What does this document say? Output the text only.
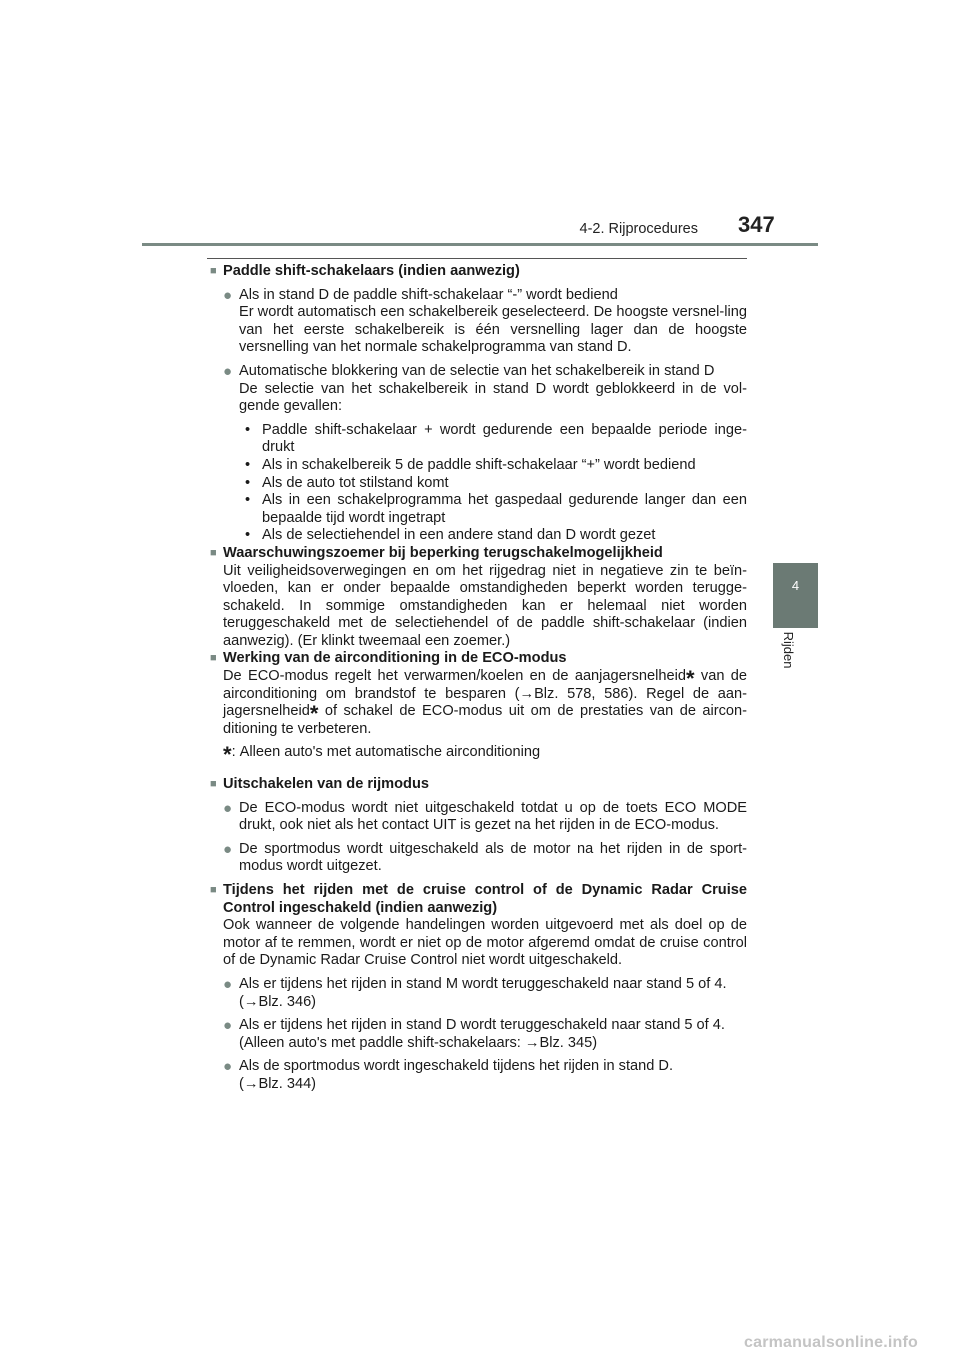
4-2. Rijprocedures 347
4
Rijden
■ Paddle shift-schakelaars (indien aanwezig)
● Als in stand D de paddle shift-schakelaar “-” wordt bediend

Er wordt automatisch een schakelbereik geselecteerd. De hoogste versnel-ling van het eerste schakelbereik is één versnelling lager dan de hoogste versnelling van het normale schakelprogramma van stand D.

● Automatische blokkering van de selectie van het schakelbereik in stand D

De selectie van het schakelbereik in stand D wordt geblokkeerd in de vol-gende gevallen:

• Paddle shift-schakelaar + wordt gedurende een bepaalde periode inge-drukt

• Als in schakelbereik 5 de paddle shift-schakelaar “+” wordt bediend

• Als de auto tot stilstand komt

• Als in een schakelprogramma het gaspedaal gedurende langer dan een bepaalde tijd wordt ingetrapt

• Als de selectiehendel in een andere stand dan D wordt gezet

■ Waarschuwingszoemer bij beperking terugschakelmogelijkheid

Uit veiligheidsoverwegingen en om het rijgedrag niet in negatieve zin te beïn-vloeden, kan er onder bepaalde omstandigheden beperkt worden terugge-schakeld. In sommige omstandigheden kan er helemaal niet worden teruggeschakeld met de selectiehendel of de paddle shift-schakelaar (indien aanwezig). (Er klinkt tweemaal een zoemer.)

■ Werking van de airconditioning in de ECO-modus

De ECO-modus regelt het verwarmen/koelen en de aanjagersnelheid* van de airconditioning om brandstof te besparen (→Blz. 578, 586). Regel de aan-jagersnelheid* of schakel de ECO-modus uit om de prestaties van de aircon-ditioning te verbeteren.

*: Alleen auto's met automatische airconditioning
■ Uitschakelen van de rijmodus
● De ECO-modus wordt niet uitgeschakeld totdat u op de toets ECO MODE drukt, ook niet als het contact UIT is gezet na het rijden in de ECO-modus.

● De sportmodus wordt uitgeschakeld als de motor na het rijden in de sport-modus wordt uitgezet.

■ Tijdens het rijden met de cruise control of de Dynamic Radar Cruise Control ingeschakeld (indien aanwezig)

Ook wanneer de volgende handelingen worden uitgevoerd met als doel op de motor af te remmen, wordt er niet op de motor afgeremd omdat de cruise control of de Dynamic Radar Cruise Control niet wordt uitgeschakeld.

● Als er tijdens het rijden in stand M wordt teruggeschakeld naar stand 5 of 4.

(→Blz. 346)

● Als er tijdens het rijden in stand D wordt teruggeschakeld naar stand 5 of 4.

(Alleen auto's met paddle shift-schakelaars: →Blz. 345)

● Als de sportmodus wordt ingeschakeld tijdens het rijden in stand D.

(→Blz. 344)

carmanualsonline.info
